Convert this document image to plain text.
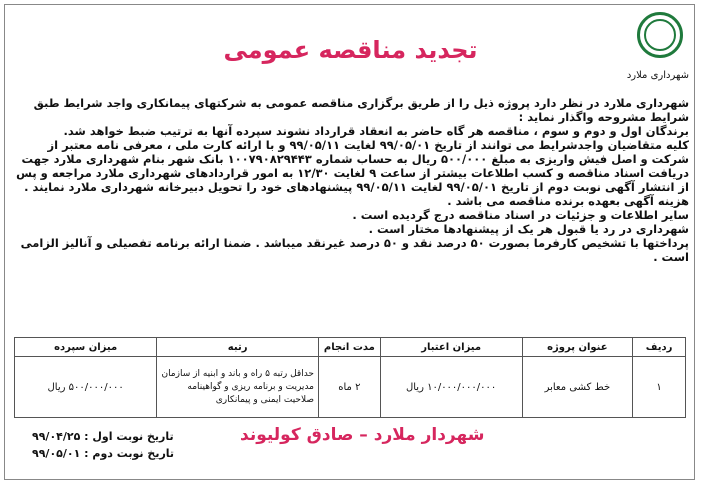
شهرداری ملارد
تجدید مناقصه عمومی

شهرداری ملارد در نظر دارد پروژه ذیل را از طریق برگزاری مناقصه عمومی به شرکتهای پیمانکاری واجد شرایط طبق شرایط مشروحه واگذار نماید :

برندگان اول و دوم و سوم ، مناقصه هر گاه حاضر به انعقاد قرارداد نشوند سپرده آنها به ترتیب ضبط خواهد شد.

کلیه متقاضیان واجدشرایط می توانند از تاریخ ۹۹/۰۵/۰۱ لغایت ۹۹/۰۵/۱۱ و با ارائه کارت ملی ، معرفی نامه معتبر از شرکت و اصل فیش واریزی به مبلغ ۵۰۰/۰۰۰ ریال به حساب شماره ۱۰۰۷۹۰۸۲۹۴۴۳ بانک شهر بنام شهرداری ملارد جهت دریافت اسناد مناقصه و کسب اطلاعات بیشتر از ساعت ۹ لغایت ۱۲/۳۰ به امور قراردادهای شهرداری ملارد مراجعه و پس از انتشار آگهی نوبت دوم از تاریخ ۹۹/۰۵/۰۱ لغایت ۹۹/۰۵/۱۱ پیشنهادهای خود را تحویل دبیرخانه شهرداری ملارد نمایند .

هزینه آگهی بعهده برنده مناقصه می باشد .

سایر اطلاعات و جزئیات در اسناد مناقصه درج گردیده است .

شهرداری در رد یا قبول هر یک از پیشنهادها مختار است .

پرداختها با تشخیص کارفرما بصورت ۵۰ درصد نقد و ۵۰ درصد غیرنقد میباشد . ضمنا ارائه برنامه تفصیلی و آنالیز الزامی است .

ردیف	عنوان پروژه	میزان اعتبار	مدت انجام	رتبه	میزان سپرده
۱	خط کشی معابر	۱۰/۰۰۰/۰۰۰/۰۰۰ ریال	۲ ماه	حداقل رتبه ۵ راه و باند و ابنیه از سازمان مدیریت و برنامه ریزی و گواهینامه صلاحیت ایمنی و پیمانکاری	۵۰۰/۰۰۰/۰۰۰ ریال
شهردار ملارد – صادق کولیوند
تاریخ نوبت اول : ۹۹/۰۴/۲۵
تاریخ نوبت دوم : ۹۹/۰۵/۰۱
